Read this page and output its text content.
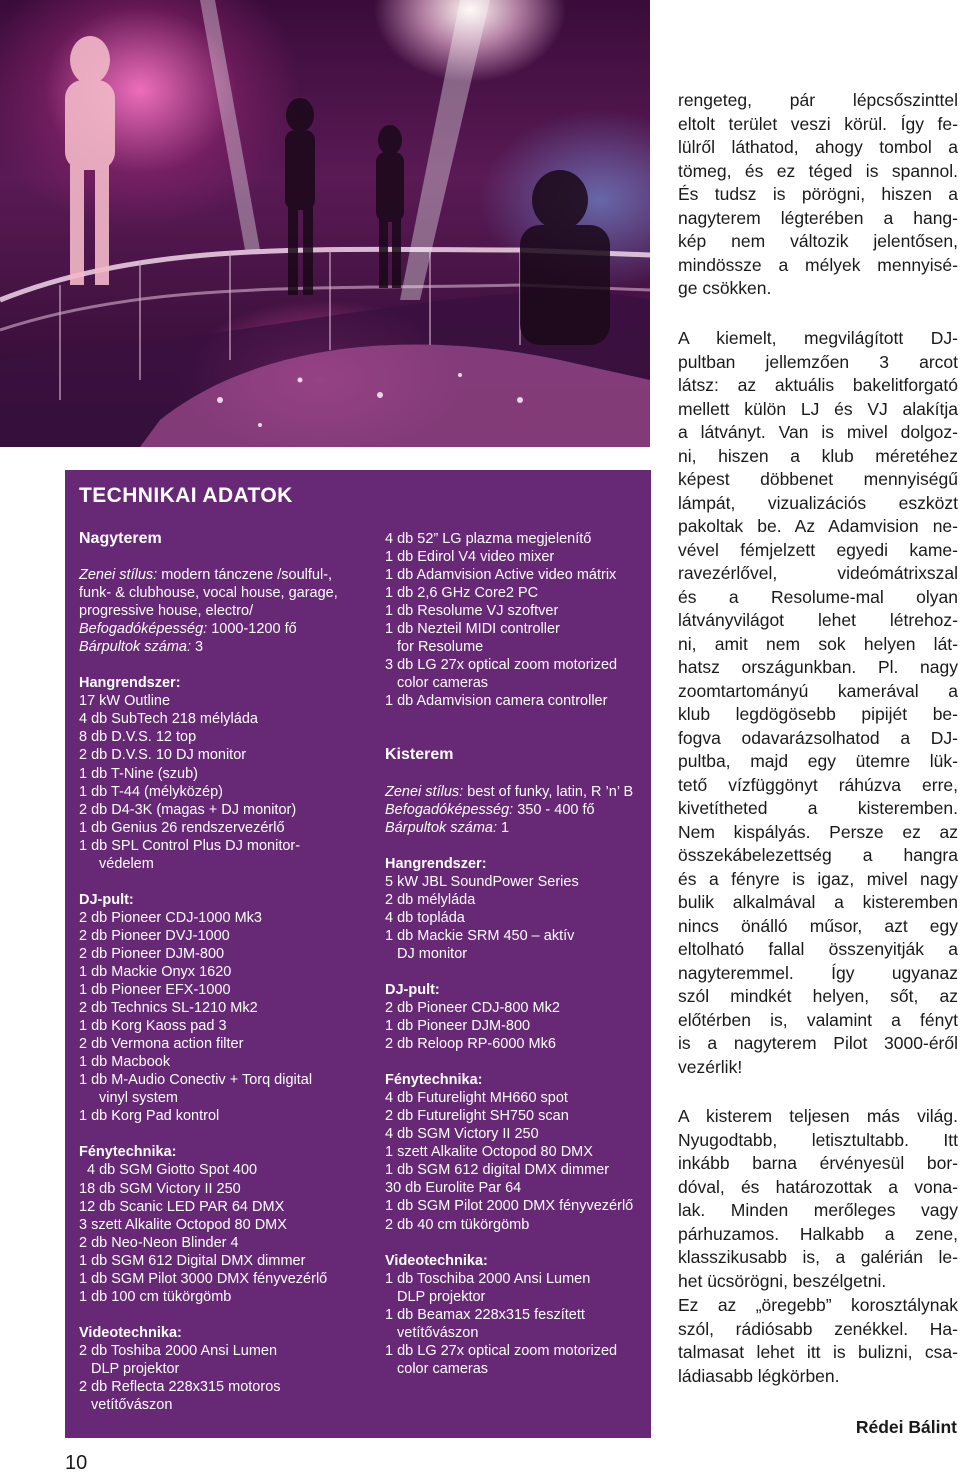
TECHNIKAI ADATOK
Nagyterem
Zenei stílus: modern tánczene /soulful-,
funk- & clubhouse, vocal house, garage,
progressive house, electro/
Befogadóképesség: 1000-1200 fő
Bárpultok száma: 3
Hangrendszer:
17 kW Outline
4 db SubTech 218 mélyláda
8 db D.V.S. 12 top
2 db D.V.S. 10 DJ monitor
1 db T-Nine (szub)
1 db T-44 (mélyközép)
2 db D4-3K (magas + DJ monitor)
1 db Genius 26 rendszervezérlő
1 db SPL Control Plus DJ monitor-
védelem
DJ-pult:
2 db Pioneer CDJ-1000 Mk3
2 db Pioneer DVJ-1000
2 db Pioneer DJM-800
1 db Mackie Onyx 1620
1 db Pioneer EFX-1000
2 db Technics SL-1210 Mk2
1 db Korg Kaoss pad 3
2 db Vermona action filter
1 db Macbook
1 db M-Audio Conectiv + Torq digital
vinyl system
1 db Korg Pad kontrol
Fénytechnika:
4 db SGM Giotto Spot 400
18 db SGM Victory II 250
12 db Scanic LED PAR 64 DMX
3 szett Alkalite Octopod 80 DMX
2 db Neo-Neon Blinder 4
1 db SGM 612 Digital DMX dimmer
1 db SGM Pilot 3000 DMX fényvezérlő
1 db 100 cm tükörgömb
Videotechnika:
2 db Toshiba 2000 Ansi Lumen
DLP projektor
2 db Reflecta 228x315 motoros
vetítővászon
4 db 52” LG plazma megjelenítő
1 db Edirol V4 video mixer
1 db Adamvision Active video mátrix
1 db 2,6 GHz Core2 PC
1 db Resolume VJ szoftver
1 db Nezteil MIDI controller
for Resolume
3 db LG 27x optical zoom motorized
color cameras
1 db Adamvision camera controller
Kisterem
Zenei stílus: best of funky, latin, R ’n’ B
Befogadóképesség: 350 - 400 fő
Bárpultok száma: 1
Hangrendszer:
5 kW JBL SoundPower Series
2 db mélyláda
4 db topláda
1 db Mackie SRM 450 – aktív
DJ monitor
DJ-pult:
2 db Pioneer CDJ-800 Mk2
1 db Pioneer DJM-800
2 db Reloop RP-6000 Mk6
Fénytechnika:
4 db Futurelight MH660 spot
2 db Futurelight SH750 scan
4 db SGM Victory II 250
1 szett Alkalite Octopod 80 DMX
1 db SGM 612 digital DMX dimmer
30 db Eurolite Par 64
1 db SGM Pilot 2000 DMX fényvezérlő
2 db 40 cm tükörgömb
Videotechnika:
1 db Toschiba 2000 Ansi Lumen
DLP projektor
1 db Beamax 228x315 feszített
vetítővászon
1 db LG 27x optical zoom motorized
color cameras
rengeteg, pár lépcsőszinttel
eltolt terület veszi körül. Így fe-
lülről láthatod, ahogy tombol a
tömeg, és ez téged is spannol.
És tudsz is pörögni, hiszen a
nagyterem légterében a hang-
kép nem változik jelentősen,
mindössze a mélyek mennyisé-
ge csökken.
A kiemelt, megvilágított DJ-
pultban jellemzően 3 arcot
látsz: az aktuális bakelitforgató
mellett külön LJ és VJ alakítja
a látványt. Van is mivel dolgoz-
ni, hiszen a klub méretéhez
képest döbbenet mennyiségű
lámpát, vizualizációs eszközt
pakoltak be. Az Adamvision ne-
vével fémjelzett egyedi kame-
ravezérlővel, videómátrixszal
és a Resolume-mal olyan
látványvilágot lehet létrehoz-
ni, amit nem sok helyen lát-
hatsz országunkban. Pl. nagy
zoomtartományú kamerával a
klub legdögösebb pipijét be-
fogva odavarázsolhatod a DJ-
pultba, majd egy ütemre lük-
tető vízfüggönyt ráhúzva erre,
kivetítheted a kisteremben.
Nem kispályás. Persze ez az
összekábelezettség a hangra
és a fényre is igaz, mivel nagy
bulik alkalmával a kisteremben
nincs önálló műsor, azt egy
eltolható fallal összenyitják a
nagyteremmel. Így ugyanaz
szól mindkét helyen, sőt, az
előtérben is, valamint a fényt
is a nagyterem Pilot 3000-éről
vezérlik!
A kisterem teljesen más világ.
Nyugodtabb, letisztultabb. Itt
inkább barna érvényesül bor-
dóval, és határozottak a vona-
lak. Minden merőleges vagy
párhuzamos. Halkabb a zene,
klasszikusabb is, a galérián le-
het ücsörögni, beszélgetni.
Ez az „öregebb” korosztálynak
szól, rádiósabb zenékkel. Ha-
talmasat lehet itt is bulizni, csa-
ládiasabb légkörben.
Rédei Bálint
10
